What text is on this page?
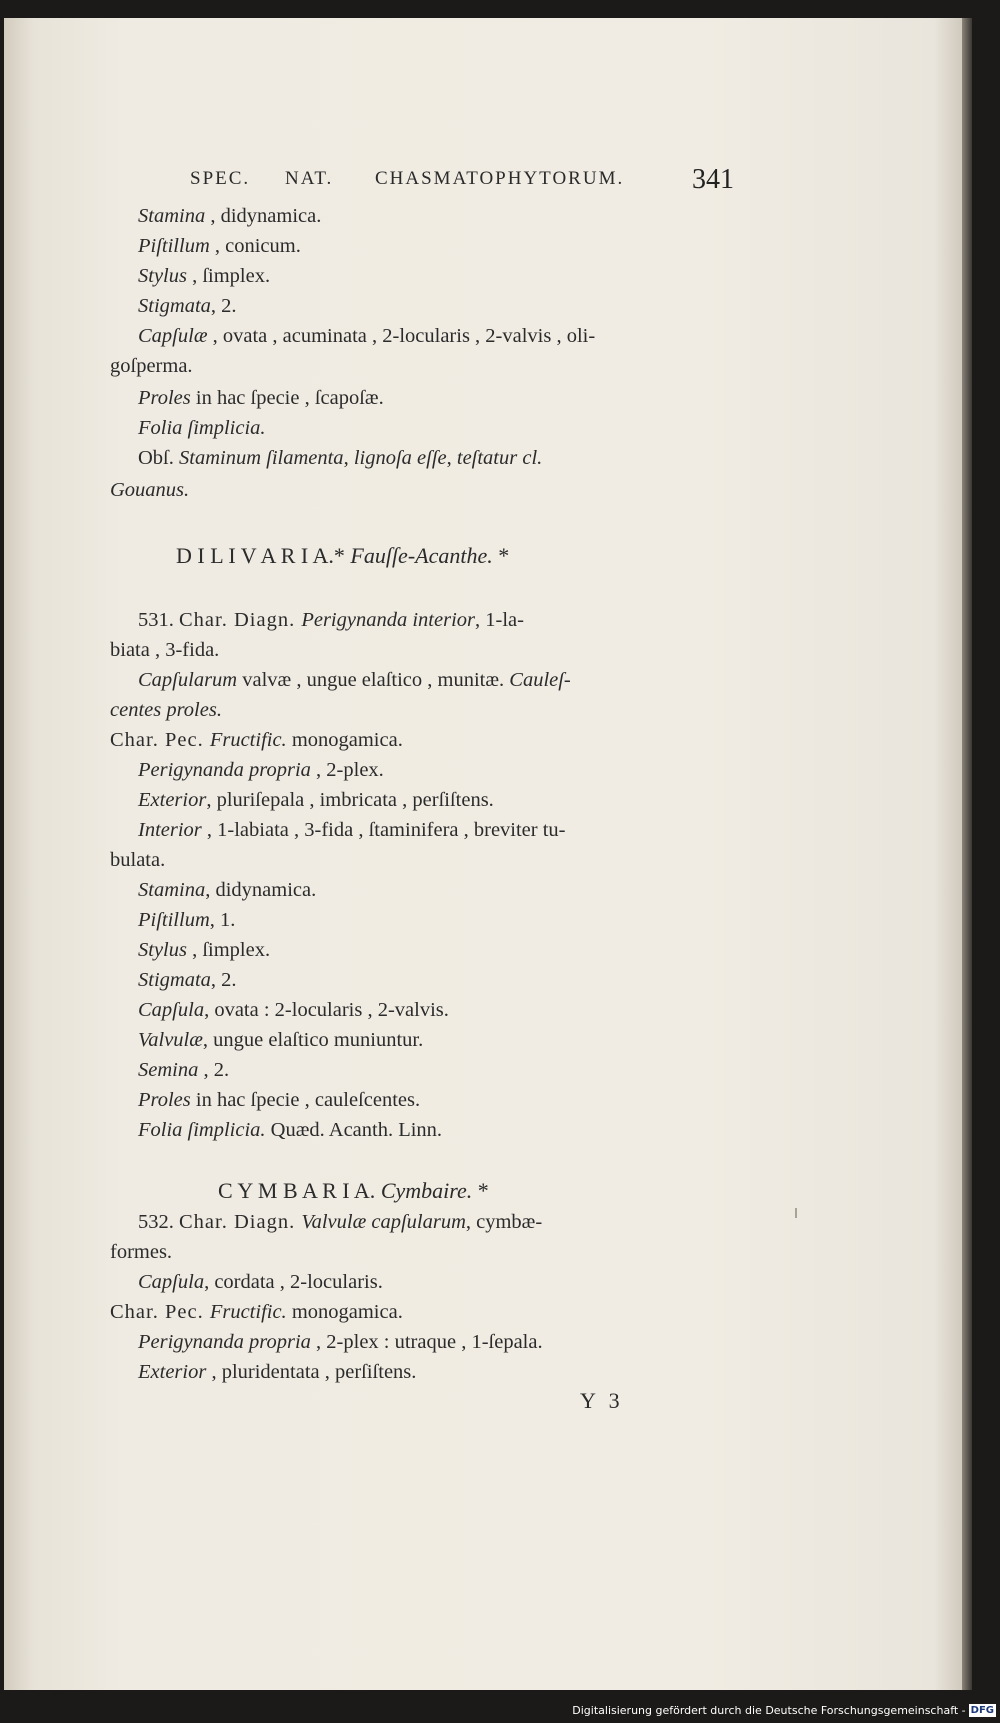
SPEC. NAT. CHASMATOPHYTORUM. 341
Stamina , didynamica.
Piſtillum , conicum.
Stylus , ſimplex.
Stigmata, 2.
Capſulæ , ovata , acuminata , 2-locularis , 2-valvis , oli-
goſperma.
Proles in hac ſpecie , ſcapoſæ.
Folia ſimplicia.
Obſ. Staminum ſilamenta, lignoſa eſſe, teſtatur cl.
Gouanus.
D I L I V A R I A.* Fauſſe-Acanthe. *
531. Char. Diagn. Perigynanda interior, 1-la-
biata , 3-fida.
Capſularum valvæ , ungue elaſtico , munitæ. Cauleſ-
centes proles.
Char. Pec. Fructific. monogamica.
Perigynanda propria , 2-plex.
Exterior, pluriſepala , imbricata , perſiſtens.
Interior , 1-labiata , 3-fida , ſtaminifera , breviter tu-
bulata.
Stamina, didynamica.
Piſtillum, 1.
Stylus , ſimplex.
Stigmata, 2.
Capſula, ovata : 2-locularis , 2-valvis.
Valvulæ, ungue elaſtico muniuntur.
Semina , 2.
Proles in hac ſpecie , cauleſcentes.
Folia ſimplicia. Quæd. Acanth. Linn.
C Y M B A R I A. Cymbaire. *
532. Char. Diagn. Valvulæ capſularum, cymbæ-
formes.
Capſula, cordata , 2-locularis.
Char. Pec. Fructific. monogamica.
Perigynanda propria , 2-plex : utraque , 1-ſepala.
Exterior , pluridentata , perſiſtens.
Y 3
Digitalisierung gefördert durch die Deutsche Forschungsgemeinschaft - DFG
